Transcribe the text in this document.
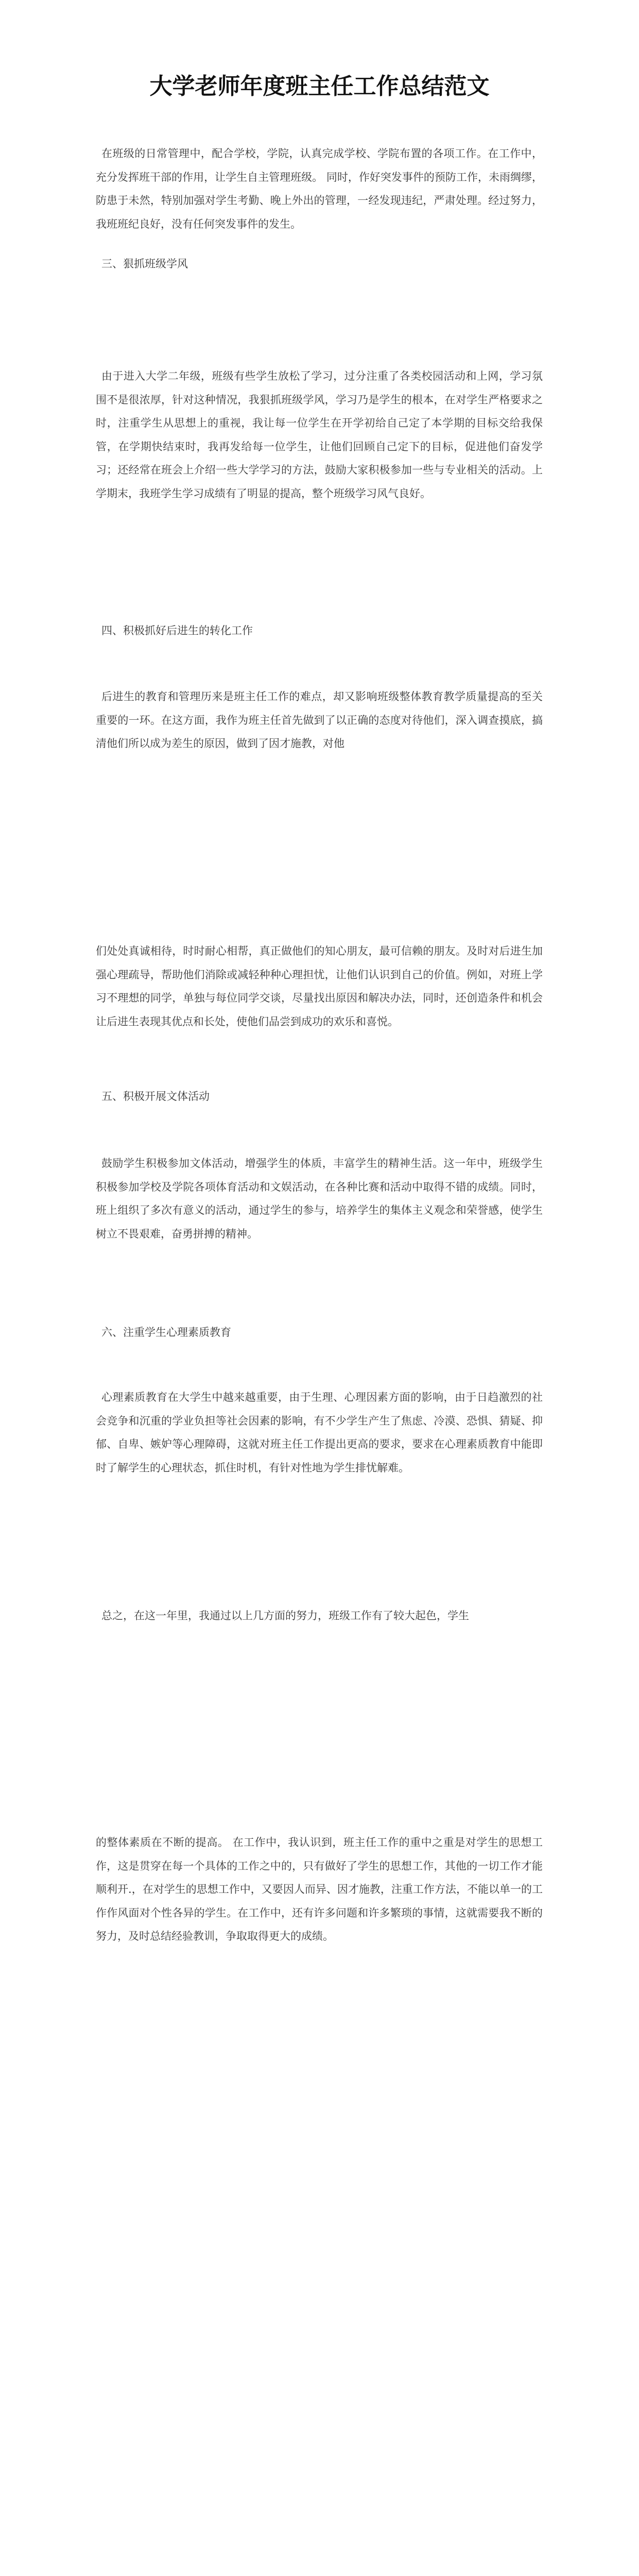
大学老师年度班主任工作总结范文

在班级的日常管理中，配合学校，学院，认真完成学校、学院布置的各项工作。在工作中，充分发挥班干部的作用，让学生自主管理班级。 同时，作好突发事件的预防工作，未雨绸缪，防患于未然，特别加强对学生考勤、晚上外出的管理，一经发现违纪，严肃处理。经过努力，我班班纪良好，没有任何突发事件的发生。

三、狠抓班级学风

由于进入大学二年级，班级有些学生放松了学习，过分注重了各类校园活动和上网，学习氛围不是很浓厚，针对这种情况，我狠抓班级学风，学习乃是学生的根本，在对学生严格要求之时，注重学生从思想上的重视，我让每一位学生在开学初给自己定了本学期的目标交给我保管，在学期快结束时，我再发给每一位学生，让他们回顾自己定下的目标，促进他们奋发学习；还经常在班会上介绍一些大学学习的方法，鼓励大家积极参加一些与专业相关的活动。上学期末，我班学生学习成绩有了明显的提高，整个班级学习风气良好。

四、积极抓好后进生的转化工作

后进生的教育和管理历来是班主任工作的难点，却又影响班级整体教育教学质量提高的至关重要的一环。在这方面，我作为班主任首先做到了以正确的态度对待他们，深入调查摸底，搞清他们所以成为差生的原因，做到了因才施教，对他

们处处真诚相待，时时耐心相帮，真正做他们的知心朋友，最可信赖的朋友。及时对后进生加强心理疏导，帮助他们消除或减轻种种心理担忧，让他们认识到自己的价值。例如，对班上学习不理想的同学，单独与每位同学交谈，尽量找出原因和解决办法，同时，还创造条件和机会让后进生表现其优点和长处，使他们品尝到成功的欢乐和喜悦。

五、积极开展文体活动

鼓励学生积极参加文体活动，增强学生的体质，丰富学生的精神生活。这一年中，班级学生积极参加学校及学院各项体育活动和文娱活动，在各种比赛和活动中取得不错的成绩。同时，班上组织了多次有意义的活动，通过学生的参与，培养学生的集体主义观念和荣誉感，使学生树立不畏艰难，奋勇拼搏的精神。

六、注重学生心理素质教育

心理素质教育在大学生中越来越重要，由于生理、心理因素方面的影响，由于日趋激烈的社会竞争和沉重的学业负担等社会因素的影响，有不少学生产生了焦虑、冷漠、恐惧、猜疑、抑郁、自卑、嫉妒等心理障碍，这就对班主任工作提出更高的要求，要求在心理素质教育中能即时了解学生的心理状态，抓住时机，有针对性地为学生排忧解难。

总之，在这一年里，我通过以上几方面的努力，班级工作有了较大起色，学生

的整体素质在不断的提高。 在工作中，我认识到，班主任工作的重中之重是对学生的思想工作，这是贯穿在每一个具体的工作之中的，只有做好了学生的思想工作，其他的一切工作才能顺利开.，在对学生的思想工作中，又要因人而异、因才施教，注重工作方法，不能以单一的工作作风面对个性各异的学生。在工作中，还有许多问题和许多繁琐的事情，这就需要我不断的努力，及时总结经验教训，争取取得更大的成绩。
